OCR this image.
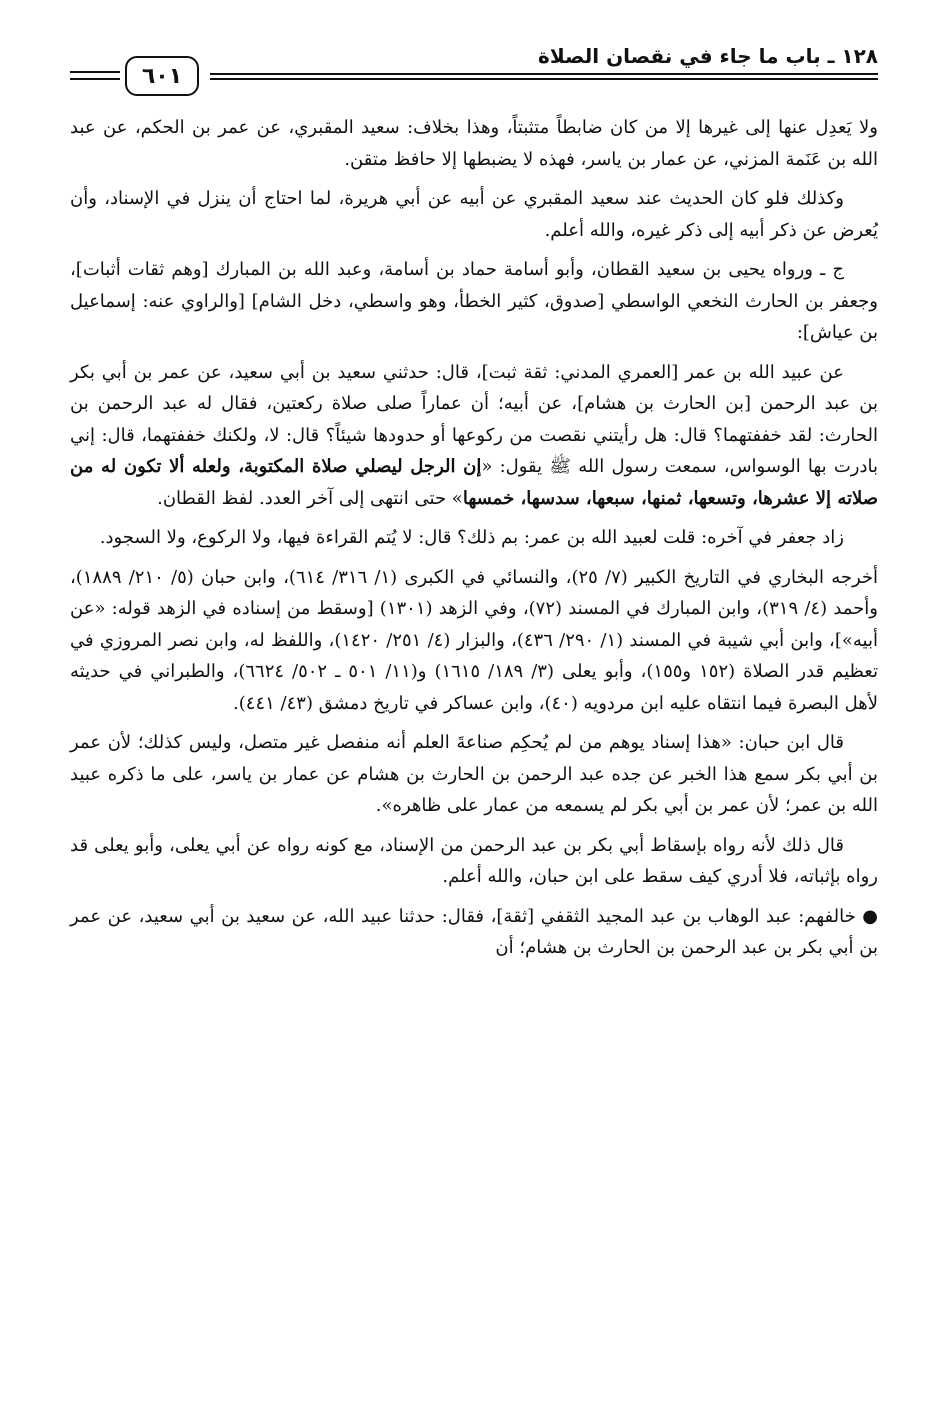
١٢٨ ـ باب ما جاء في نقصان الصلاة
٦٠١

ولا يَعدِل عنها إلى غيرها إلا من كان ضابطاً متثبتاً، وهذا بخلاف: سعيد المقبري، عن عمر بن الحكم، عن عبد الله بن عَنَمة المزني، عن عمار بن ياسر، فهذه لا يضبطها إلا حافظ متقن.

وكذلك فلو كان الحديث عند سعيد المقبري عن أبيه عن أبي هريرة، لما احتاج أن ينزل في الإسناد، وأن يُعرض عن ذكر أبيه إلى ذكر غيره، والله أعلم.

ج ـ ورواه يحيى بن سعيد القطان، وأبو أسامة حماد بن أسامة، وعبد الله بن المبارك [وهم ثقات أثبات]، وجعفر بن الحارث النخعي الواسطي [صدوق، كثير الخطأ، وهو واسطي، دخل الشام] [والراوي عنه: إسماعيل بن عياش]:

عن عبيد الله بن عمر [العمري المدني: ثقة ثبت]، قال: حدثني سعيد بن أبي سعيد، عن عمر بن أبي بكر بن عبد الرحمن [بن الحارث بن هشام]، عن أبيه؛ أن عماراً صلى صلاة ركعتين، فقال له عبد الرحمن بن الحارث: لقد خففتهما؟ قال: هل رأيتني نقصت من ركوعها أو حدودها شيئاً؟ قال: لا، ولكنك خففتهما، قال: إني بادرت بها الوسواس، سمعت رسول الله ﷺ يقول: «إن الرجل ليصلي صلاة المكتوبة، ولعله ألا تكون له من صلاته إلا عشرها، وتسعها، ثمنها، سبعها، سدسها، خمسها» حتى انتهى إلى آخر العدد. لفظ القطان.

زاد جعفر في آخره: قلت لعبيد الله بن عمر: بم ذلك؟ قال: لا يُتم القراءة فيها، ولا الركوع، ولا السجود.

أخرجه البخاري في التاريخ الكبير (٧/ ٢٥)، والنسائي في الكبرى (١/ ٣١٦/ ٦١٤)، وابن حبان (٥/ ٢١٠/ ١٨٨٩)، وأحمد (٤/ ٣١٩)، وابن المبارك في المسند (٧٢)، وفي الزهد (١٣٠١) [وسقط من إسناده في الزهد قوله: «عن أبيه»]، وابن أبي شيبة في المسند (١/ ٢٩٠/ ٤٣٦)، والبزار (٤/ ٢٥١/ ١٤٢٠)، واللفظ له، وابن نصر المروزي في تعظيم قدر الصلاة (١٥٢ و١٥٥)، وأبو يعلى (٣/ ١٨٩/ ١٦١٥) و(١١/ ٥٠١ ـ ٥٠٢/ ٦٦٢٤)، والطبراني في حديثه لأهل البصرة فيما انتقاه عليه ابن مردويه (٤٠)، وابن عساكر في تاريخ دمشق (٤٣/ ٤٤١).

قال ابن حبان: «هذا إسناد يوهم من لم يُحكِم صناعةَ العلم أنه منفصل غير متصل، وليس كذلك؛ لأن عمر بن أبي بكر سمع هذا الخبر عن جده عبد الرحمن بن الحارث بن هشام عن عمار بن ياسر، على ما ذكره عبيد الله بن عمر؛ لأن عمر بن أبي بكر لم يسمعه من عمار على ظاهره».

قال ذلك لأنه رواه بإسقاط أبي بكر بن عبد الرحمن من الإسناد، مع كونه رواه عن أبي يعلى، وأبو يعلى قد رواه بإثباته، فلا أدري كيف سقط على ابن حبان، والله أعلم.

● خالفهم: عبد الوهاب بن عبد المجيد الثقفي [ثقة]، فقال: حدثنا عبيد الله، عن سعيد بن أبي سعيد، عن عمر بن أبي بكر بن عبد الرحمن بن الحارث بن هشام؛ أن
